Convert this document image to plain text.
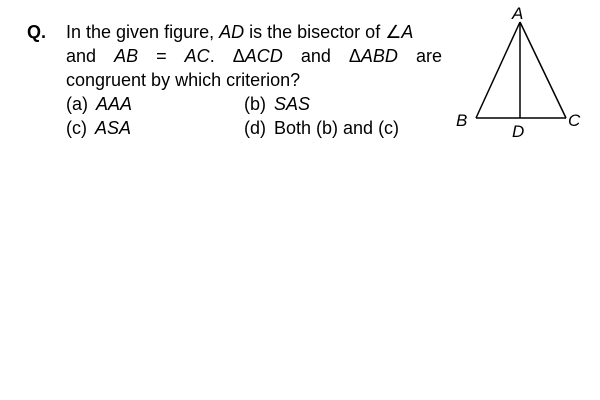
Q. In the given figure, AD is the bisector of ∠A
and AB = AC. ΔACD and ΔABD are
congruent by which criterion?
(a) AAA	(b) SAS
(c) ASA	(d) Both (b) and (c)
A
B	C
D
